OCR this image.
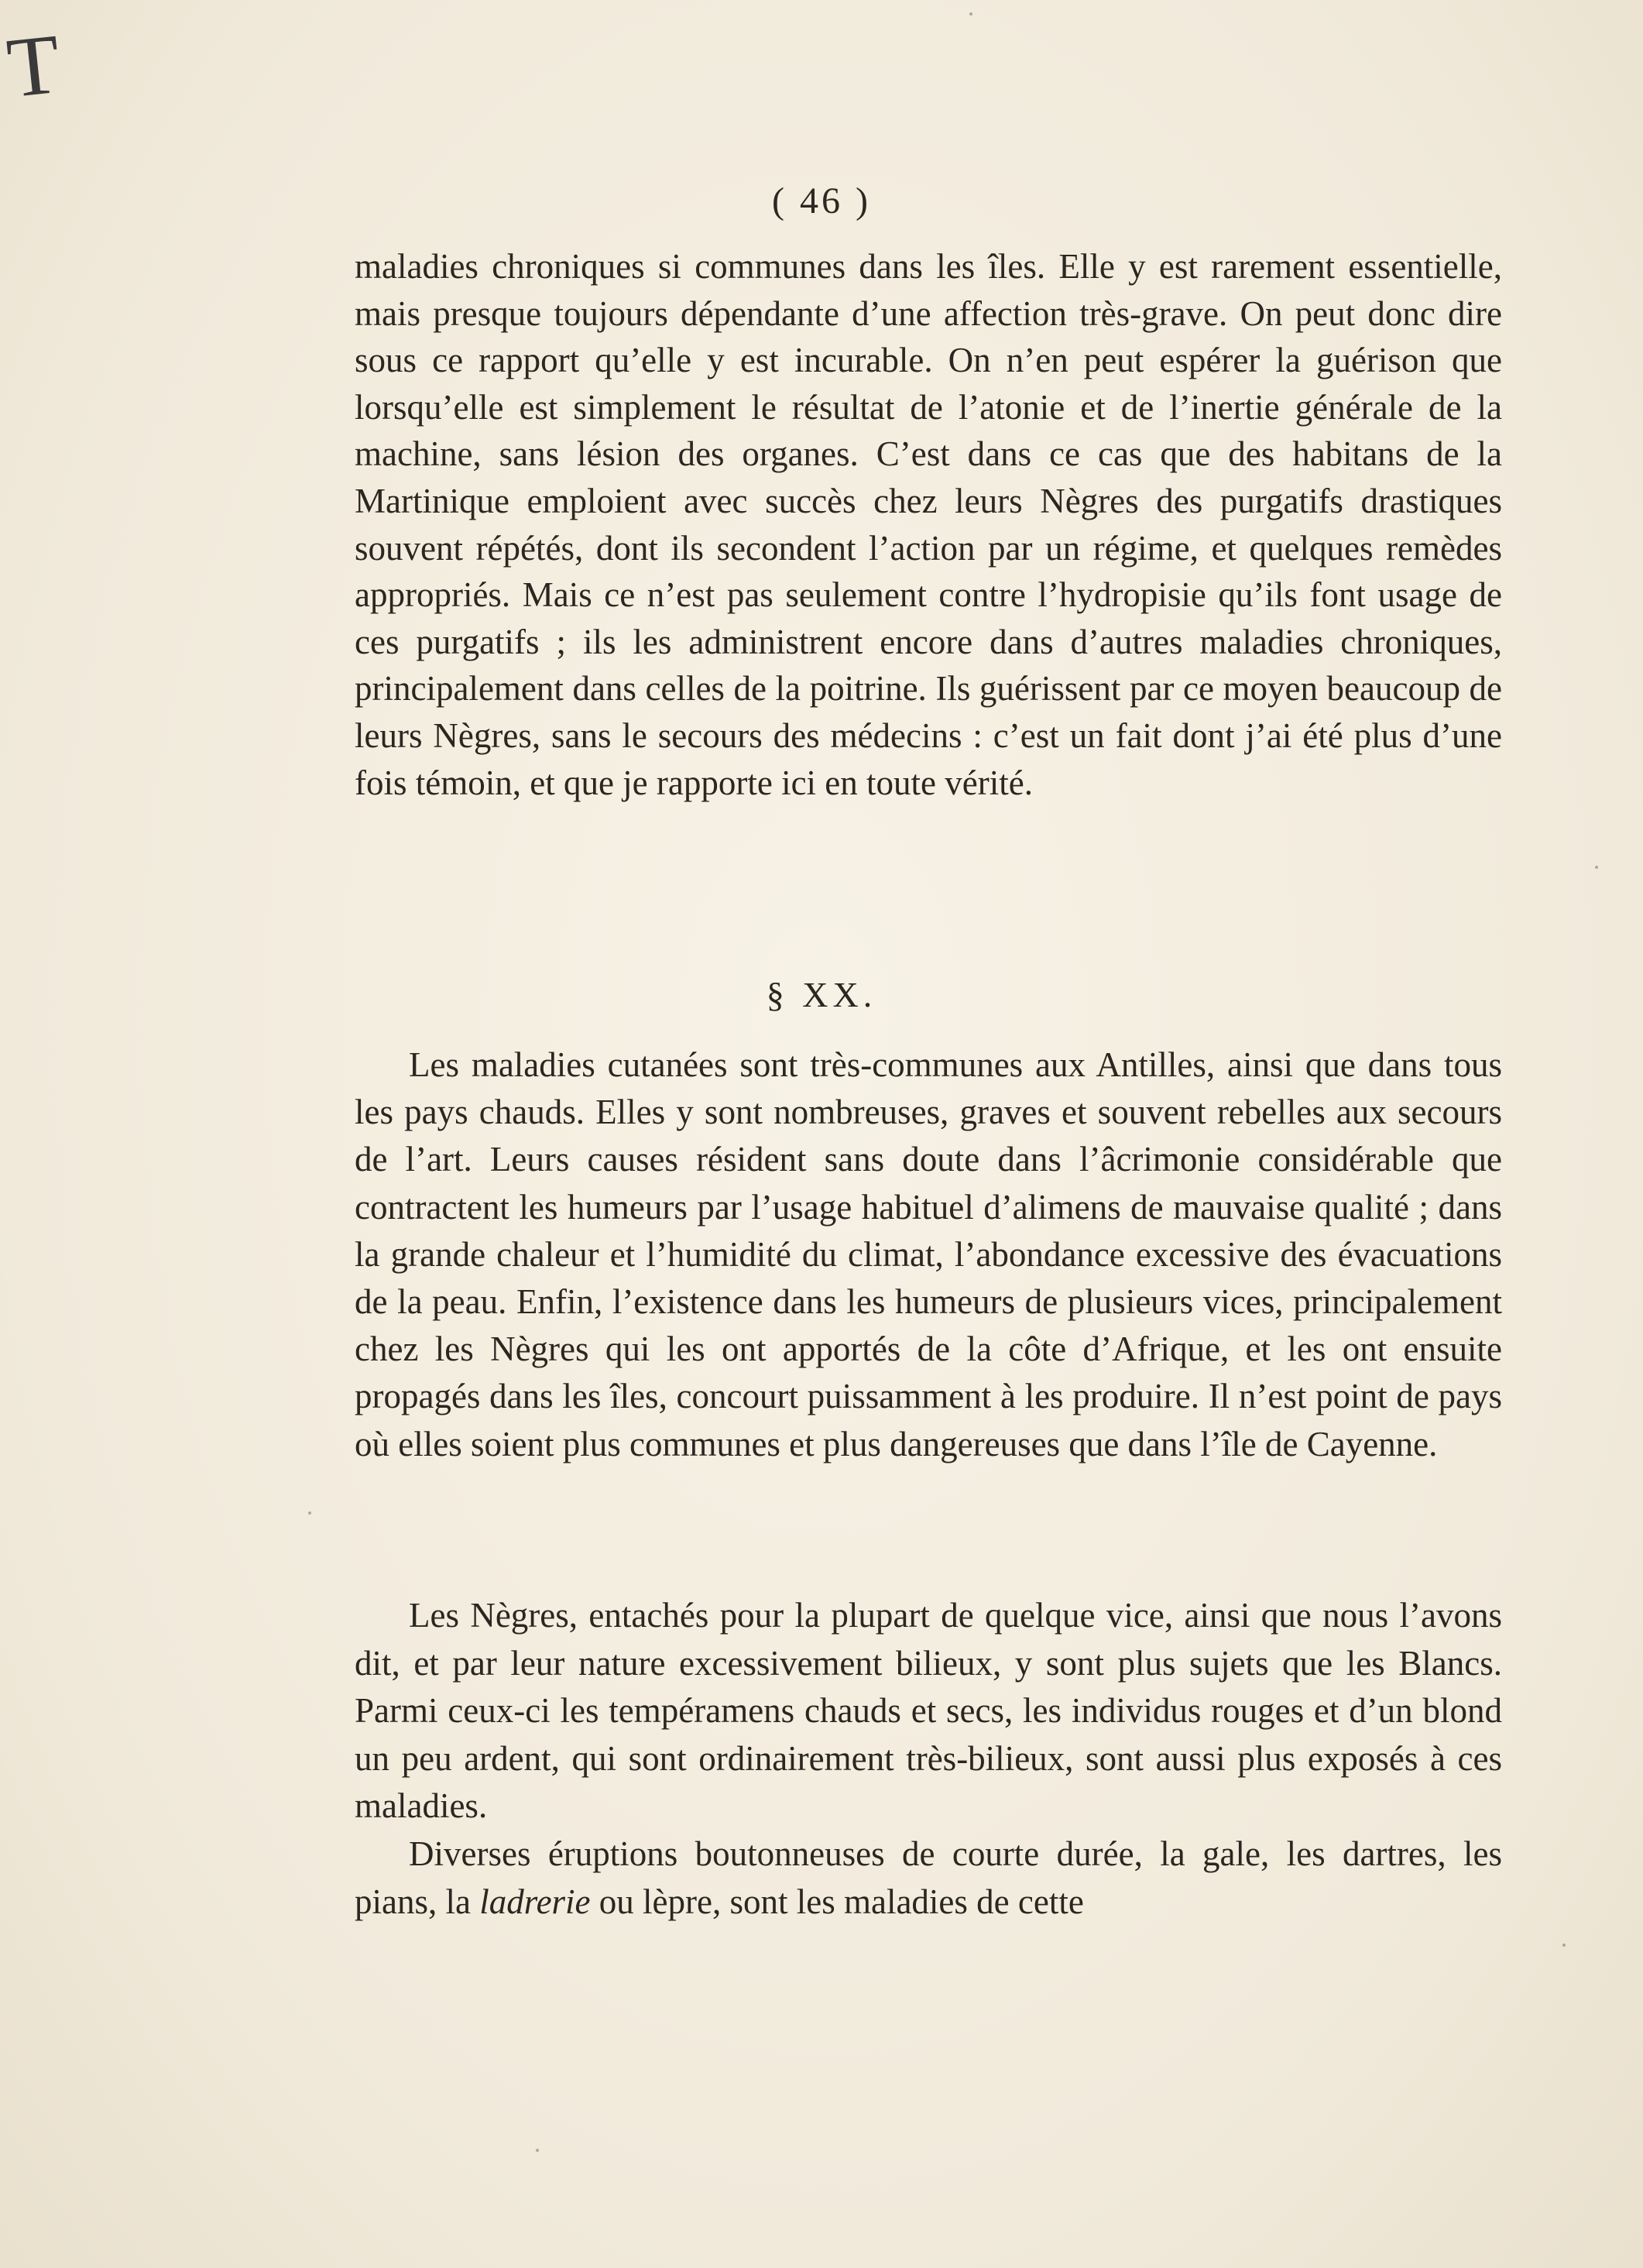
T
( 46 )

maladies chroniques si communes dans les îles. Elle y est rarement essentielle, mais presque toujours dépendante d’une affection très-grave. On peut donc dire sous ce rapport qu’elle y est incurable. On n’en peut espérer la guérison que lorsqu’elle est simplement le résultat de l’atonie et de l’inertie générale de la machine, sans lésion des organes. C’est dans ce cas que des habitans de la Martinique emploient avec succès chez leurs Nègres des purgatifs drastiques souvent répétés, dont ils secondent l’action par un régime, et quelques remèdes appropriés. Mais ce n’est pas seulement contre l’hydropisie qu’ils font usage de ces purgatifs ; ils les administrent encore dans d’autres maladies chroniques, principalement dans celles de la poitrine. Ils guérissent par ce moyen beaucoup de leurs Nègres, sans le secours des médecins : c’est un fait dont j’ai été plus d’une fois témoin, et que je rapporte ici en toute vérité.

§ XX.

Les maladies cutanées sont très-communes aux Antilles, ainsi que dans tous les pays chauds. Elles y sont nombreuses, graves et souvent rebelles aux secours de l’art. Leurs causes résident sans doute dans l’âcrimonie considérable que contractent les humeurs par l’usage habituel d’alimens de mauvaise qualité ; dans la grande chaleur et l’humidité du climat, l’abondance excessive des évacuations de la peau. Enfin, l’existence dans les humeurs de plusieurs vices, principalement chez les Nègres qui les ont apportés de la côte d’Afrique, et les ont ensuite propagés dans les îles, concourt puissamment à les produire. Il n’est point de pays où elles soient plus communes et plus dangereuses que dans l’île de Cayenne.

Les Nègres, entachés pour la plupart de quelque vice, ainsi que nous l’avons dit, et par leur nature excessivement bilieux, y sont plus sujets que les Blancs. Parmi ceux-ci les tempéramens chauds et secs, les individus rouges et d’un blond un peu ardent, qui sont ordinairement très-bilieux, sont aussi plus exposés à ces maladies.

Diverses éruptions boutonneuses de courte durée, la gale, les dartres, les pians, la ladrerie ou lèpre, sont les maladies de cette
